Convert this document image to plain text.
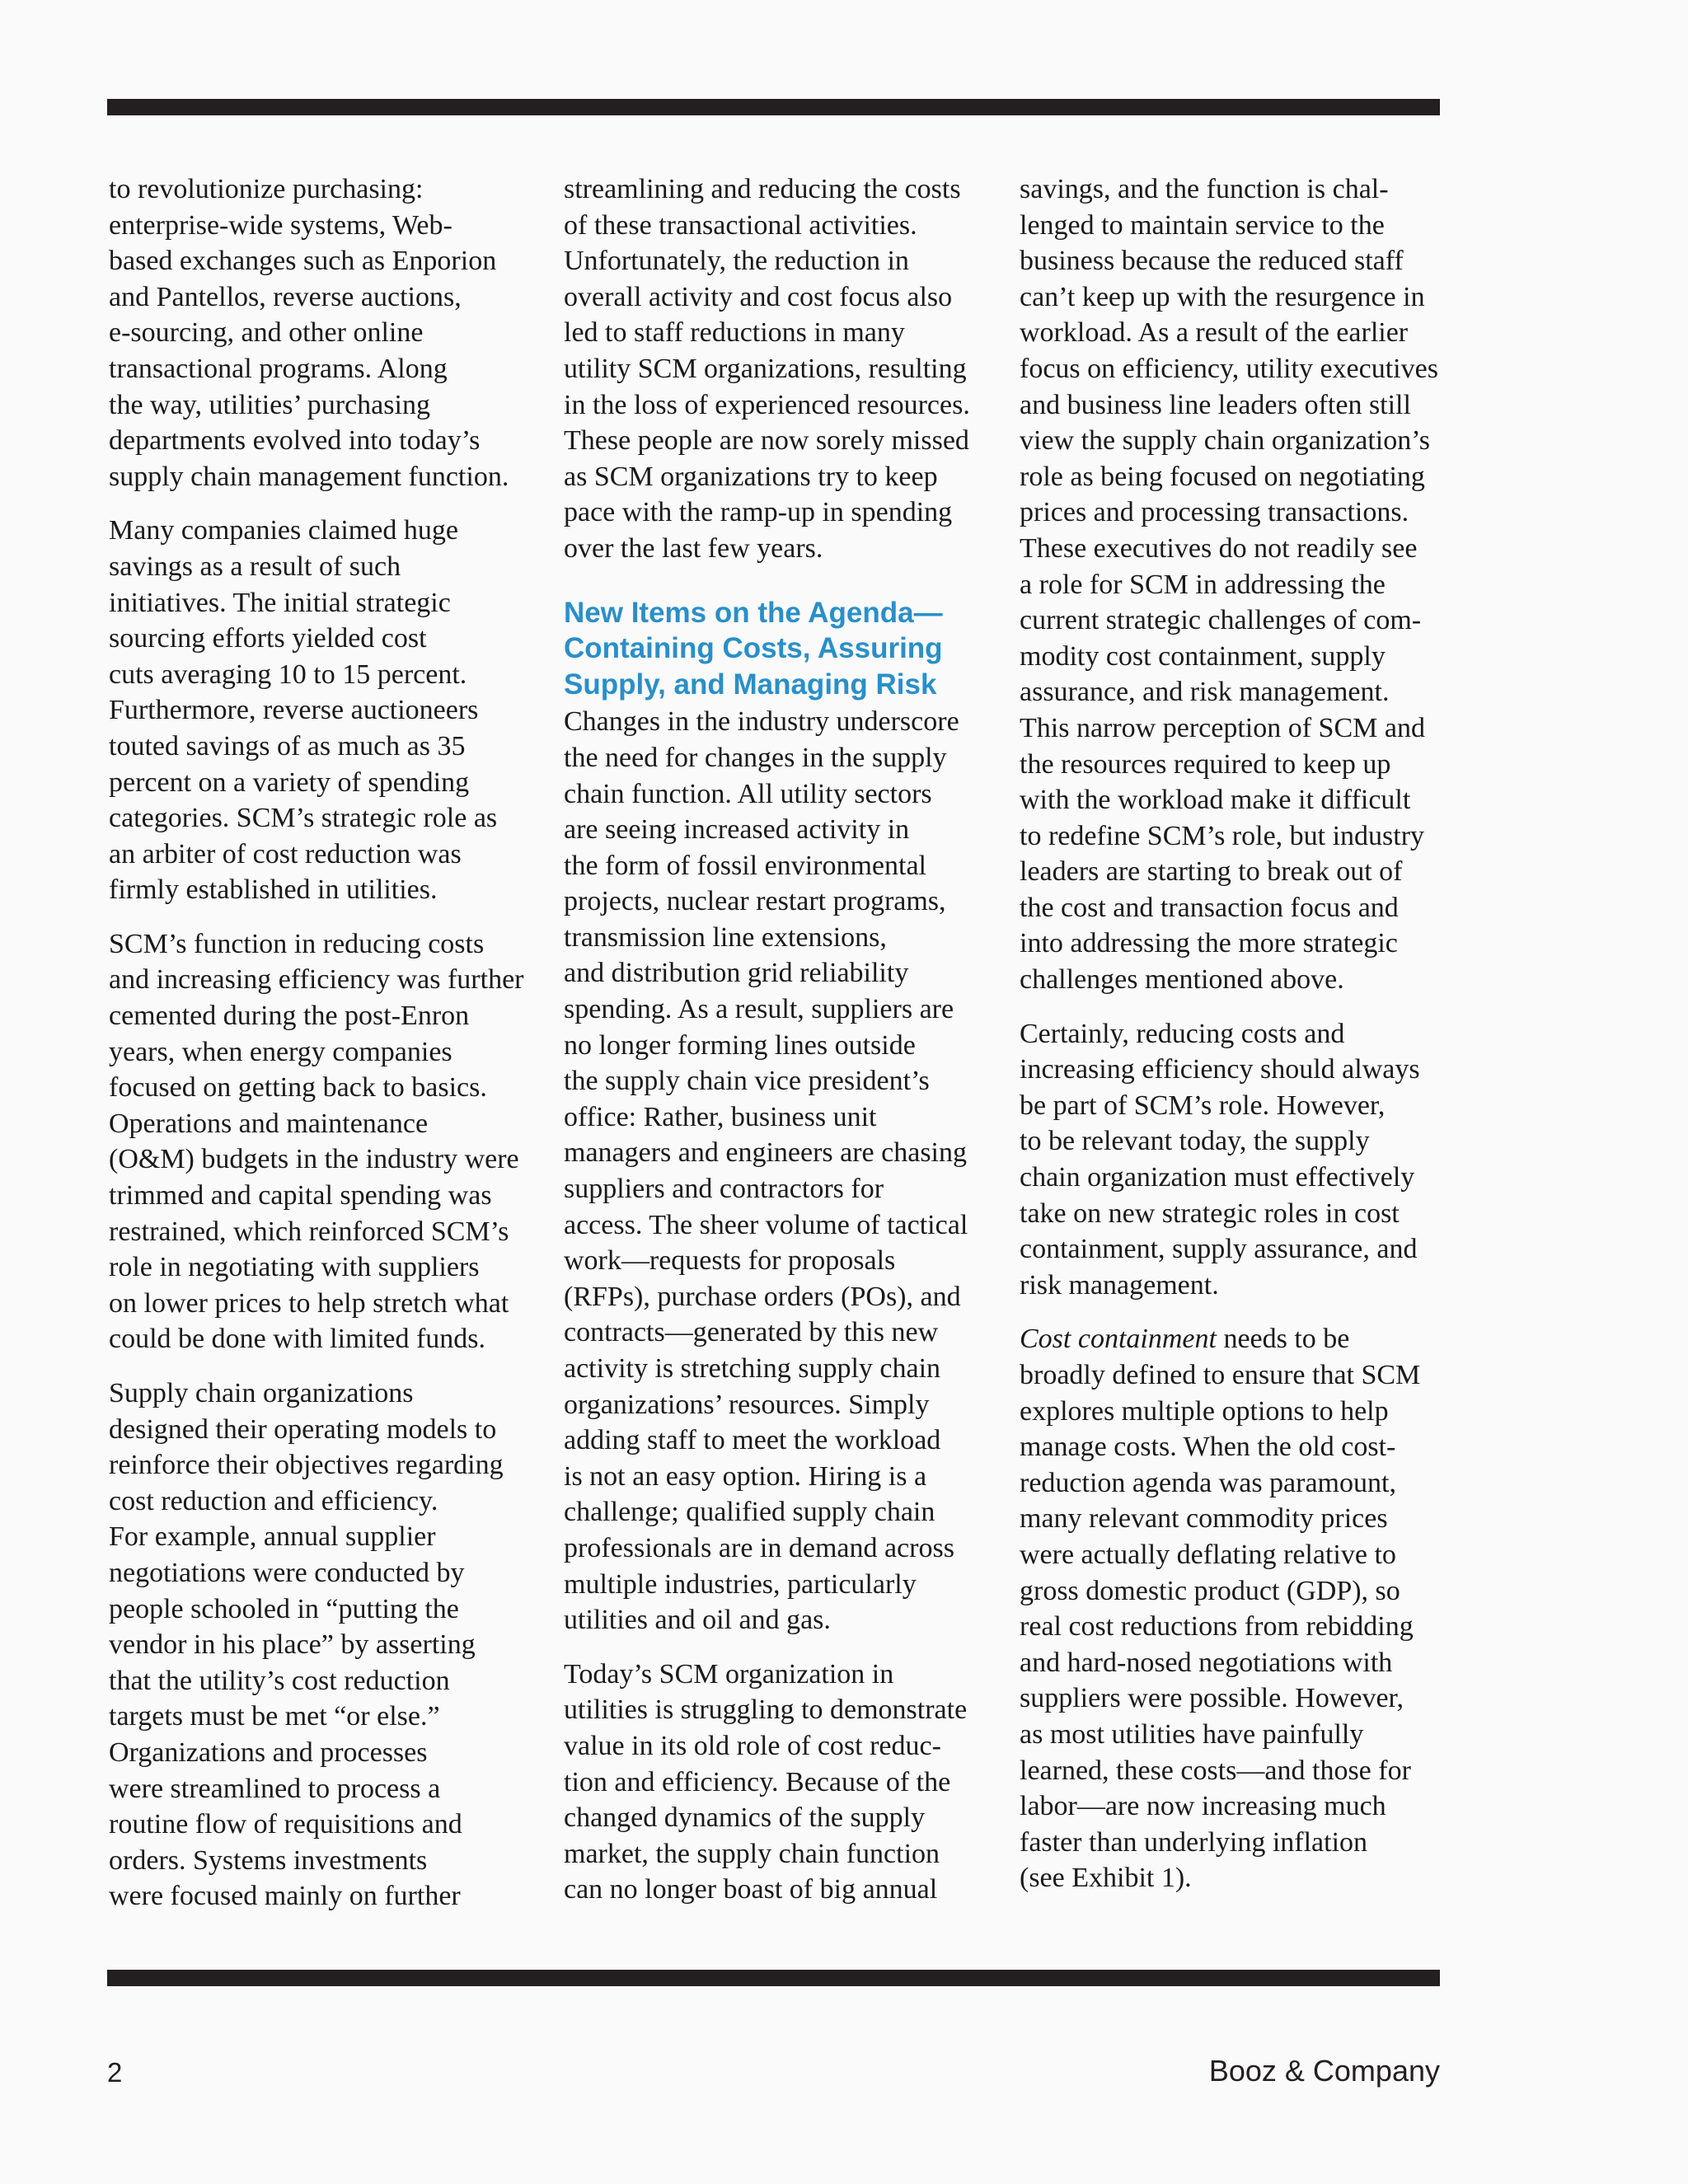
to revolutionize purchasing:
enterprise-wide systems, Web-
based exchanges such as Enporion
and Pantellos, reverse auctions,
e-sourcing, and other online
transactional programs. Along
the way, utilities’ purchasing
departments evolved into today’s
supply chain management function.

Many companies claimed huge
savings as a result of such
initiatives. The initial strategic
sourcing efforts yielded cost
cuts averaging 10 to 15 percent.
Furthermore, reverse auctioneers
touted savings of as much as 35
percent on a variety of spending
categories. SCM’s strategic role as
an arbiter of cost reduction was
firmly established in utilities.

SCM’s function in reducing costs
and increasing efficiency was further
cemented during the post-Enron
years, when energy companies
focused on getting back to basics.
Operations and maintenance
(O&M) budgets in the industry were
trimmed and capital spending was
restrained, which reinforced SCM’s
role in negotiating with suppliers
on lower prices to help stretch what
could be done with limited funds.

Supply chain organizations
designed their operating models to
reinforce their objectives regarding
cost reduction and efficiency.
For example, annual supplier
negotiations were conducted by
people schooled in “putting the
vendor in his place” by asserting
that the utility’s cost reduction
targets must be met “or else.”
Organizations and processes
were streamlined to process a
routine flow of requisitions and
orders. Systems investments
were focused mainly on further

streamlining and reducing the costs
of these transactional activities.
Unfortunately, the reduction in
overall activity and cost focus also
led to staff reductions in many
utility SCM organizations, resulting
in the loss of experienced resources.
These people are now sorely missed
as SCM organizations try to keep
pace with the ramp-up in spending
over the last few years.

New Items on the Agenda—
Containing Costs, Assuring
Supply, and Managing Risk

Changes in the industry underscore
the need for changes in the supply
chain function. All utility sectors
are seeing increased activity in
the form of fossil environmental
projects, nuclear restart programs,
transmission line extensions,
and distribution grid reliability
spending. As a result, suppliers are
no longer forming lines outside
the supply chain vice president’s
office: Rather, business unit
managers and engineers are chasing
suppliers and contractors for
access. The sheer volume of tactical
work—requests for proposals
(RFPs), purchase orders (POs), and
contracts—generated by this new
activity is stretching supply chain
organizations’ resources. Simply
adding staff to meet the workload
is not an easy option. Hiring is a
challenge; qualified supply chain
professionals are in demand across
multiple industries, particularly
utilities and oil and gas.

Today’s SCM organization in
utilities is struggling to demonstrate
value in its old role of cost reduc-
tion and efficiency. Because of the
changed dynamics of the supply
market, the supply chain function
can no longer boast of big annual

savings, and the function is chal-
lenged to maintain service to the
business because the reduced staff
can’t keep up with the resurgence in
workload. As a result of the earlier
focus on efficiency, utility executives
and business line leaders often still
view the supply chain organization’s
role as being focused on negotiating
prices and processing transactions.
These executives do not readily see
a role for SCM in addressing the
current strategic challenges of com-
modity cost containment, supply
assurance, and risk management.
This narrow perception of SCM and
the resources required to keep up
with the workload make it difficult
to redefine SCM’s role, but industry
leaders are starting to break out of
the cost and transaction focus and
into addressing the more strategic
challenges mentioned above.

Certainly, reducing costs and
increasing efficiency should always
be part of SCM’s role. However,
to be relevant today, the supply
chain organization must effectively
take on new strategic roles in cost
containment, supply assurance, and
risk management.

Cost containment needs to be
broadly defined to ensure that SCM
explores multiple options to help
manage costs. When the old cost-
reduction agenda was paramount,
many relevant commodity prices
were actually deflating relative to
gross domestic product (GDP), so
real cost reductions from rebidding
and hard-nosed negotiations with
suppliers were possible. However,
as most utilities have painfully
learned, these costs—and those for
labor—are now increasing much
faster than underlying inflation
(see Exhibit 1).

2	Booz & Company
